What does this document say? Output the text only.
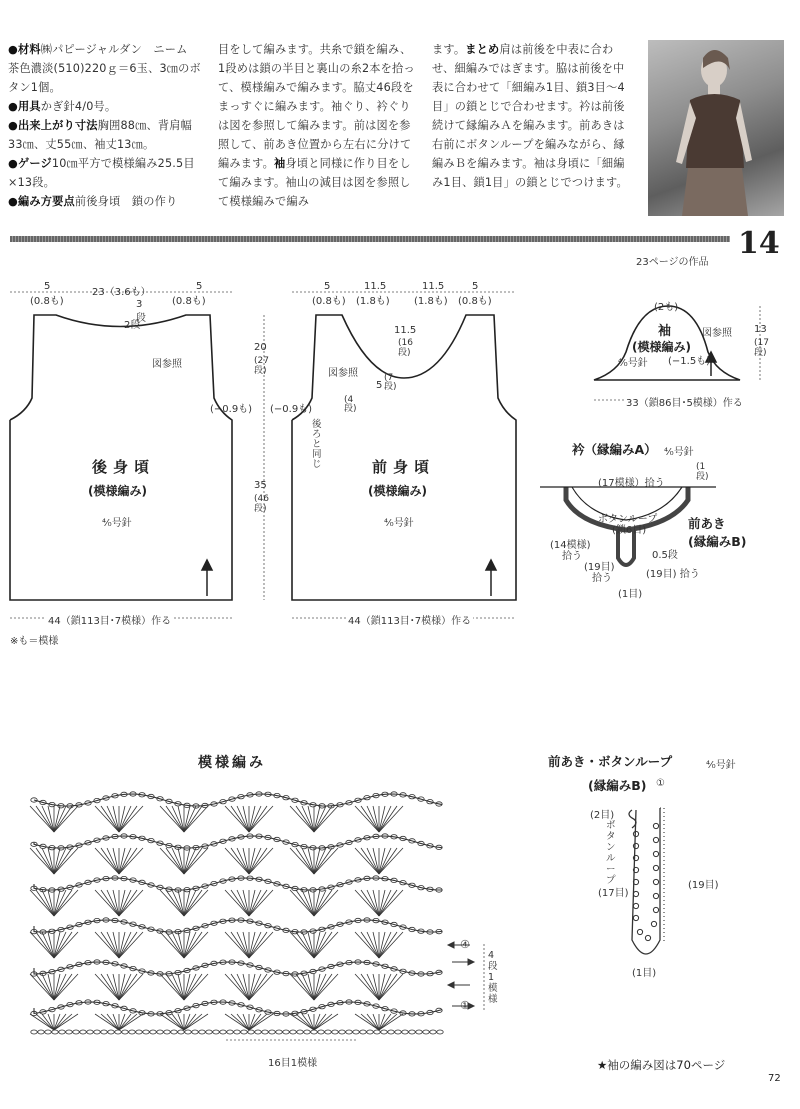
●材料㈱パピージャルダン　ニーム　茶色濃淡(510)220ｇ＝6玉、3㎝のボタン1個。

●用具かぎ針4/0号。

●出来上がり寸法胸囲88㎝、背肩幅33㎝、丈55㎝、袖丈13㎝。

●ゲージ10㎝平方で模様編み25.5目×13段。

●編み方要点前後身頃　鎖の作り

目をして編みます。共糸で鎖を編み、1段めは鎖の半目と裏山の糸2本を拾って、模様編みで編みます。脇丈46段をまっすぐに編みます。袖ぐり、衿ぐりは図を参照して編みます。前は図を参照して、前あき位置から左右に分けて編みます。袖身頃と同様に作り目をして編みます。袖山の減目は図を参照して模様編みで編み

ます。まとめ肩は前後を中表に合わせ、細編みではぎます。脇は前後を中表に合わせて「細編み1目、鎖3目～4目」の鎖とじで合わせます。衿は前後続けて縁編みＡを編みます。前あきは右前にボタンループを編みながら、縁編みＢを編みます。袖は身頃に「細編み1目、鎖1目」の鎖とじでつけます。

14
23ページの作品
5
(0.8も)
23（3.6も）
5
(0.8も)
3
段
2段
図参照
(−0.9も)
20
(27段)
35
(46段)
後身頃
(模様編み)
⁴⁄₀号針
44（鎖113目･7模様）作る
※も＝模様
5
(0.8も)
11.5
(1.8も)
11.5
(1.8も)
5
(0.8も)
11.5
(16段)
5
(7段)
図参照
(−0.9も)
(4段)
後ろと同じ	前身頃
(模様編み)
⁴⁄₀号針
44（鎖113目･7模様）作る
(2も)
袖
(模様編み)
⁴⁄₀号針
図参照
(−1.5も)
13
(17段)
33（鎖86目･5模様）作る
衿（縁編みA） ⁴⁄₀号針
(17模様）拾う
(1段)
ボタンループ
(鎖6目)	前あき
(縁編みB)
(14模様)
拾う	0.5段
(19目)
拾う	(19目) 拾う
(1目)
模様編み
④
①
4段1模様
16目1模様
前あき・ボタンループ	⁴⁄₀号針
(縁編みB) ①
(2目)
ボタンループ
(17目)
(19目)
(1目)
★袖の編み図は70ページ
72
